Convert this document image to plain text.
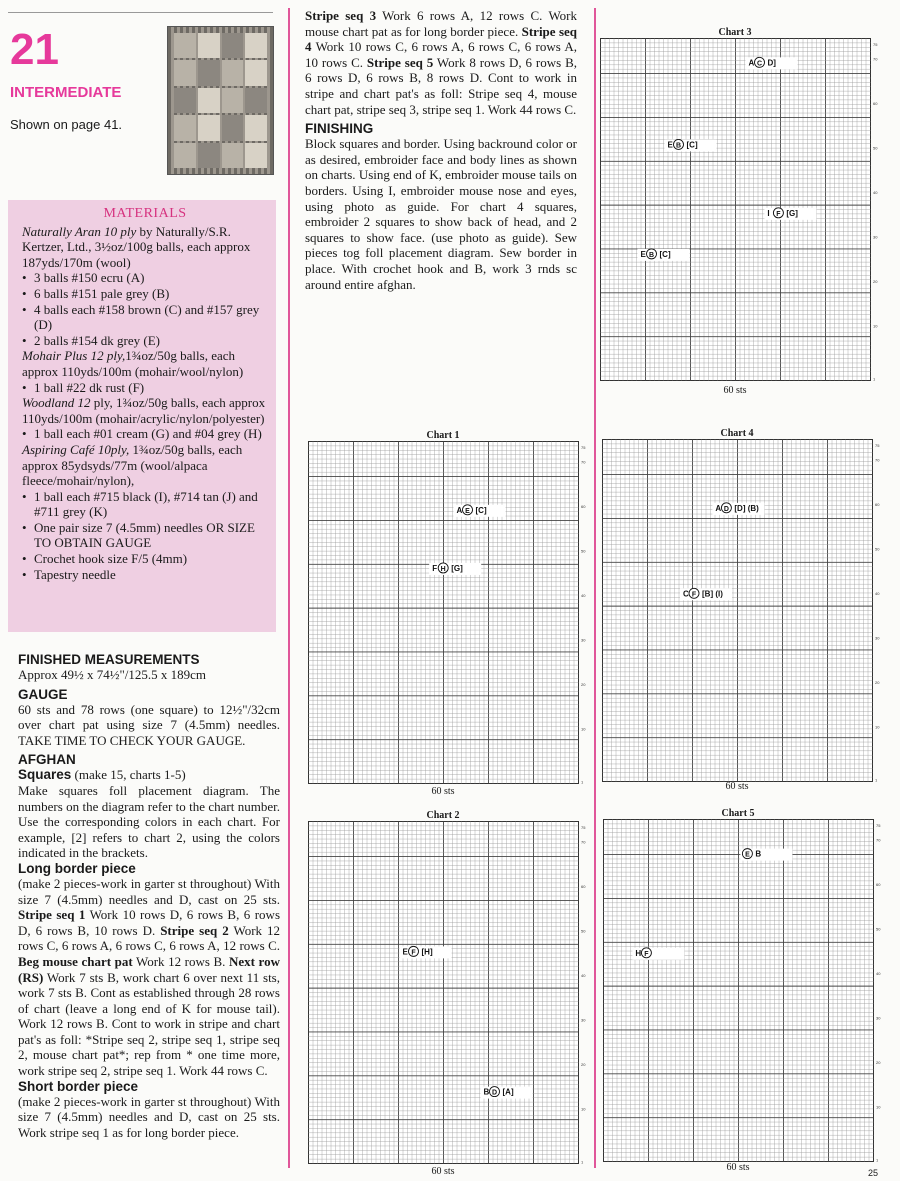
21
INTERMEDIATE
Shown on page 41.
MATERIALS

Naturally Aran 10 ply by Naturally/S.R. Kertzer, Ltd., 3½oz/100g balls, each approx 187yds/170m (wool)

• 3 balls #150 ecru (A)
• 6 balls #151 pale grey (B)
• 4 balls each #158 brown (C) and #157 grey (D)
• 2 balls #154 dk grey (E)

Mohair Plus 12 ply,1¾oz/50g balls, each approx 110yds/100m (mohair/wool/nylon)

• 1 ball #22 dk rust (F)

Woodland 12 ply, 1¾oz/50g balls, each approx 110yds/100m (mohair/acrylic/nylon/polyester)

• 1 ball each #01 cream (G) and #04 grey (H)

Aspiring Café 10ply, 1¾oz/50g balls, each approx 85ydsyds/77m (wool/alpaca fleece/mohair/nylon),

• 1 ball each #715 black (I), #714 tan (J) and #711 grey (K)
• One pair size 7 (4.5mm) needles OR SIZE TO OBTAIN GAUGE
• Crochet hook size F/5 (4mm)
• Tapestry needle

FINISHED MEASUREMENTS

Approx 49½ x 74½"/125.5 x 189cm

GAUGE

60 sts and 78 rows (one square) to 12½"/32cm over chart pat using size 7 (4.5mm) needles. TAKE TIME TO CHECK YOUR GAUGE.

AFGHAN

Squares (make 15, charts 1-5)

Make squares foll placement diagram. The numbers on the diagram refer to the chart number. Use the corresponding colors in each chart. For example, [2] refers to chart 2, using the colors indicated in the brackets.

Long border piece

(make 2 pieces-work in garter st throughout) With size 7 (4.5mm) needles and D, cast on 25 sts. Stripe seq 1 Work 10 rows D, 6 rows B, 6 rows D, 6 rows B, 10 rows D. Stripe seq 2 Work 12 rows C, 6 rows A, 6 rows C, 6 rows A, 12 rows C. Beg mouse chart pat Work 12 rows B. Next row (RS) Work 7 sts B, work chart 6 over next 11 sts, work 7 sts B. Cont as established through 28 rows of chart (leave a long end of K for mouse tail). Work 12 rows B. Cont to work in stripe and chart pat's as foll: *Stripe seq 2, stripe seq 1, stripe seq 2, mouse chart pat*; rep from * one time more, work stripe seq 2, stripe seq 1. Work 44 rows C.

Short border piece

(make 2 pieces-work in garter st throughout) With size 7 (4.5mm) needles and D, cast on 25 sts. Work stripe seq 1 as for long border piece.

Stripe seq 3 Work 6 rows A, 12 rows C. Work mouse chart pat as for long border piece. Stripe seq 4 Work 10 rows C, 6 rows A, 6 rows C, 6 rows A, 10 rows C. Stripe seq 5 Work 8 rows D, 6 rows B, 6 rows D, 6 rows B, 8 rows D. Cont to work in stripe and chart pat's as foll: Stripe seq 4, mouse chart pat, stripe seq 3, stripe seq 1. Work 44 rows C.

FINISHING

Block squares and border. Using backround color or as desired, embroider face and body lines as shown on charts. Using end of K, embroider mouse tails on borders. Using I, embroider mouse nose and eyes, using photo as guide. For chart 4 squares, embroider 2 squares to show back of head, and 2 squares to show face. (use photo as guide). Sew pieces tog foll placement diagram. Sew border in place. With crochet hook and B, work 3 rnds sc around entire afghan.

Chart 3
75
70
60
50
40
30
20
10
1
A C D]
E B [C]
I F [G]
E B [C]
60 sts
Chart 1
75
70
60
50
40
30
20
10
1
A E [C]
F H [G]
60 sts
Chart 4
75
70
60
50
40
30
20
10
1
A D [D] (B)
C F [B] (I)
60 sts
Chart 2
75
70
60
50
40
30
20
10
1
E F [H]
B D [A]
60 sts
Chart 5
75
70
60
50
40
30
20
10
1
E B
H F
60 sts	25
